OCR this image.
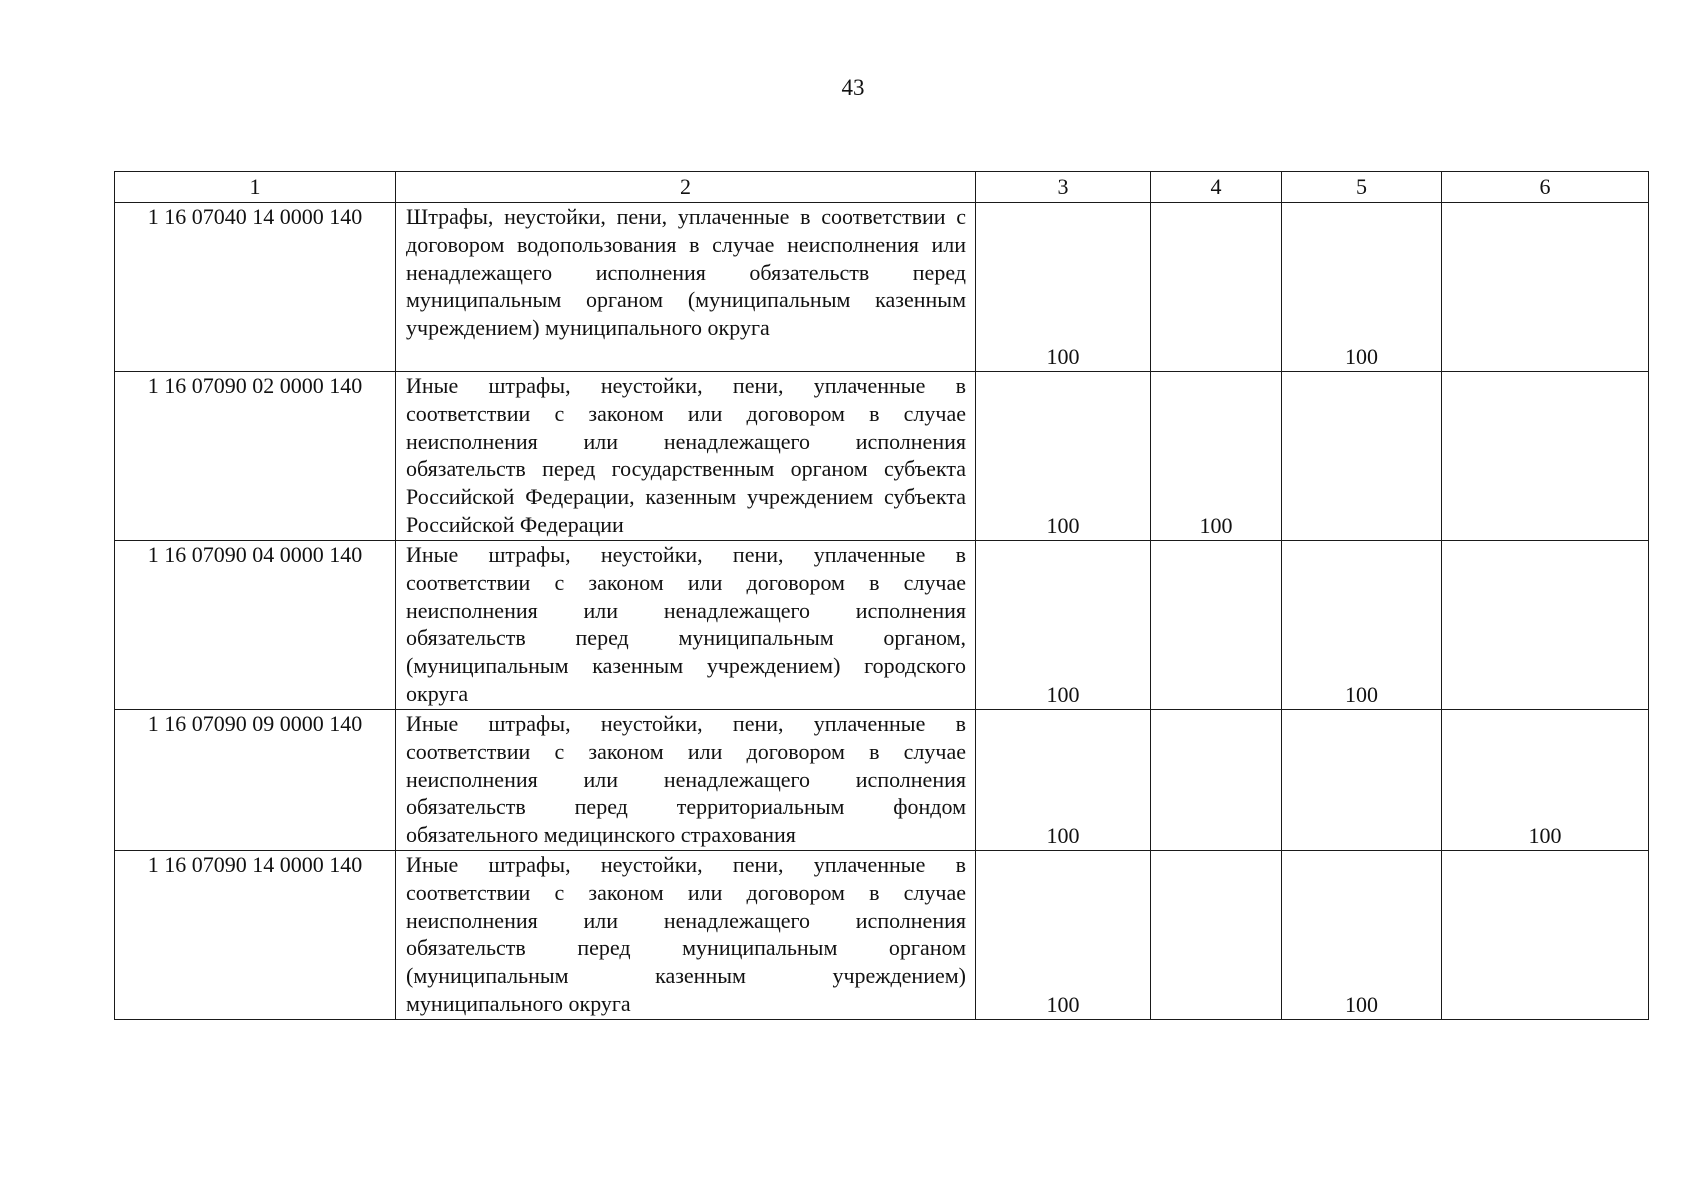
43
1	2	3	4	5	6
1 16 07040 14 0000 140	Штрафы, неустойки, пени, уплаченные в соответствии с договором водопользования в случае неисполнения или ненадлежащего исполнения обязательств перед муниципальным органом (муниципальным казенным учреждением) муниципального округа	100		100	
1 16 07090 02 0000 140	Иные штрафы, неустойки, пени, уплаченные в соответствии с законом или договором в случае неисполнения или ненадлежащего исполнения обязательств перед государственным органом субъекта Российской Федерации, казенным учреждением субъекта Российской Федерации	100	100		
1 16 07090 04 0000 140	Иные штрафы, неустойки, пени, уплаченные в соответствии с законом или договором в случае неисполнения или ненадлежащего исполнения обязательств перед муниципальным органом, (муниципальным казенным учреждением) городского округа	100		100	
1 16 07090 09 0000 140	Иные штрафы, неустойки, пени, уплаченные в соответствии с законом или договором в случае неисполнения или ненадлежащего исполнения обязательств перед территориальным фондом обязательного медицинского страхования	100			100
1 16 07090 14 0000 140	Иные штрафы, неустойки, пени, уплаченные в соответствии с законом или договором в случае неисполнения или ненадлежащего исполнения обязательств перед муниципальным органом (муниципальным казенным учреждением) муниципального округа	100		100	
